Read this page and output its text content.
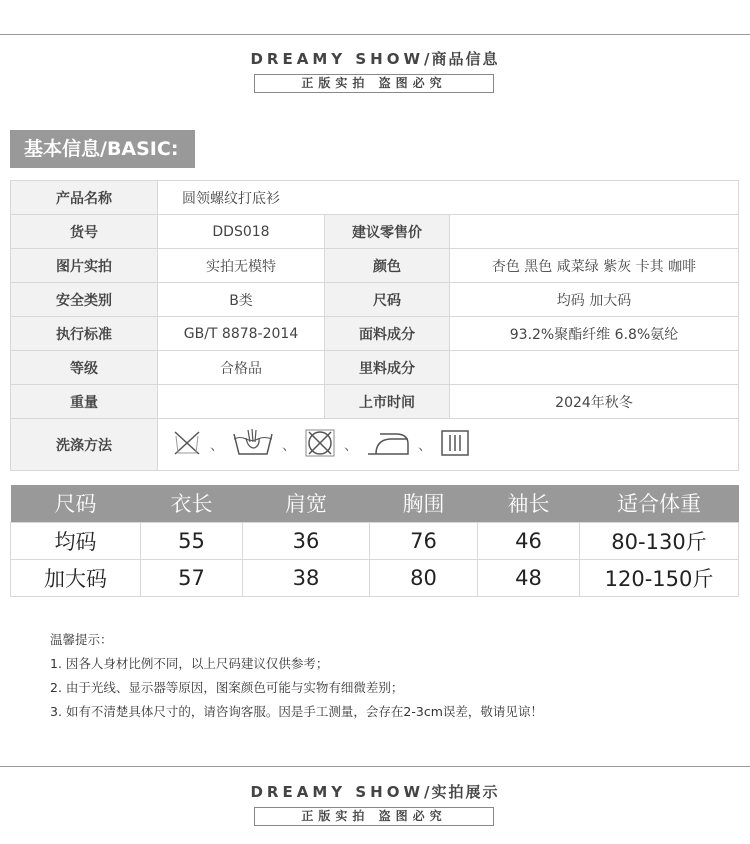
DREAMY SHOW/商品信息
正版实拍 盗图必究
基本信息/BASIC:
产品名称	圆领螺纹打底衫		
货号	DDS018	建议零售价	
图片实拍	实拍无模特	颜色	杏色 黑色 咸菜绿 紫灰 卡其 咖啡
安全类别	B类	尺码	均码 加大码
执行标准	GB/T 8878-2014	面料成分	93.2%聚酯纤维 6.8%氨纶
等级	合格品	里料成分	
重量		上市时间	2024年秋冬
洗涤方法	、 、 、 、		
尺码	衣长	肩宽	胸围	袖长	适合体重
均码	55	36	76	46	80-130斤
加大码	57	38	80	48	120-150斤
温馨提示：
1. 因各人身材比例不同，以上尺码建议仅供参考；
2. 由于光线、显示器等原因，图案颜色可能与实物有细微差别；
3. 如有不清楚具体尺寸的，请咨询客服。因是手工测量，会存在2-3cm误差，敬请见谅！
DREAMY SHOW/实拍展示
正版实拍 盗图必究
